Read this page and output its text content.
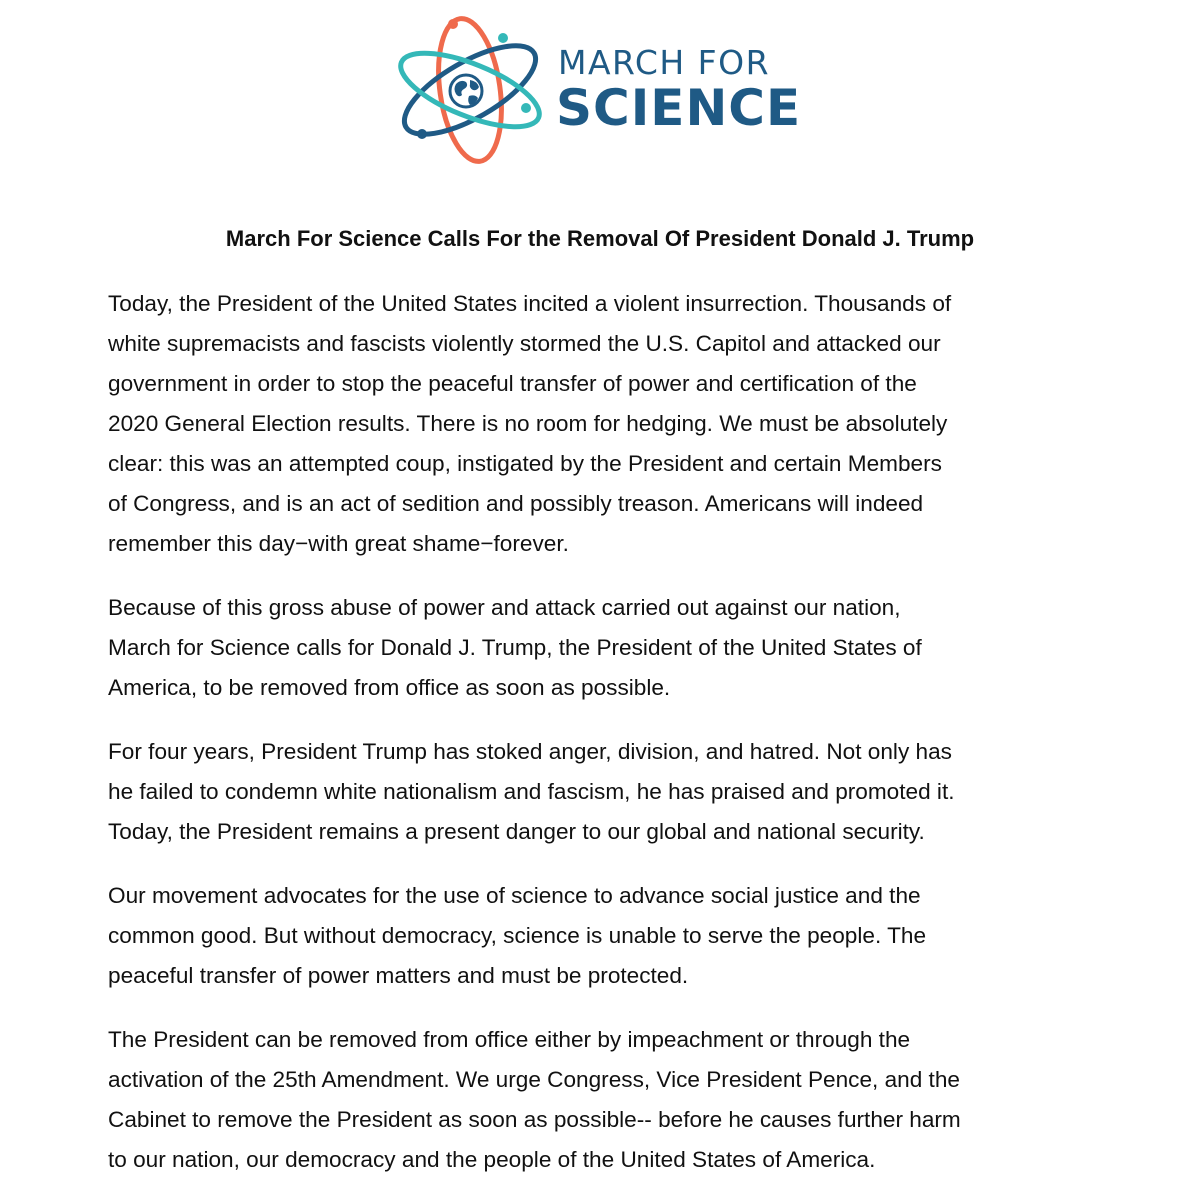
MARCH FOR
SCIENCE
March For Science Calls For the Removal Of President Donald J. Trump

Today, the President of the United States incited a violent insurrection. Thousands of
white supremacists and fascists violently stormed the U.S. Capitol and attacked our
government in order to stop the peaceful transfer of power and certification of the
2020 General Election results. There is no room for hedging. We must be absolutely
clear: this was an attempted coup, instigated by the President and certain Members
of Congress, and is an act of sedition and possibly treason. Americans will indeed
remember this day−with great shame−forever.

Because of this gross abuse of power and attack carried out against our nation,
March for Science calls for Donald J. Trump, the President of the United States of
America, to be removed from office as soon as possible.

For four years, President Trump has stoked anger, division, and hatred. Not only has
he failed to condemn white nationalism and fascism, he has praised and promoted it.
Today, the President remains a present danger to our global and national security.

Our movement advocates for the use of science to advance social justice and the
common good. But without democracy, science is unable to serve the people. The
peaceful transfer of power matters and must be protected.

The President can be removed from office either by impeachment or through the
activation of the 25th Amendment. We urge Congress, Vice President Pence, and the
Cabinet to remove the President as soon as possible-- before he causes further harm
to our nation, our democracy and the people of the United States of America.
